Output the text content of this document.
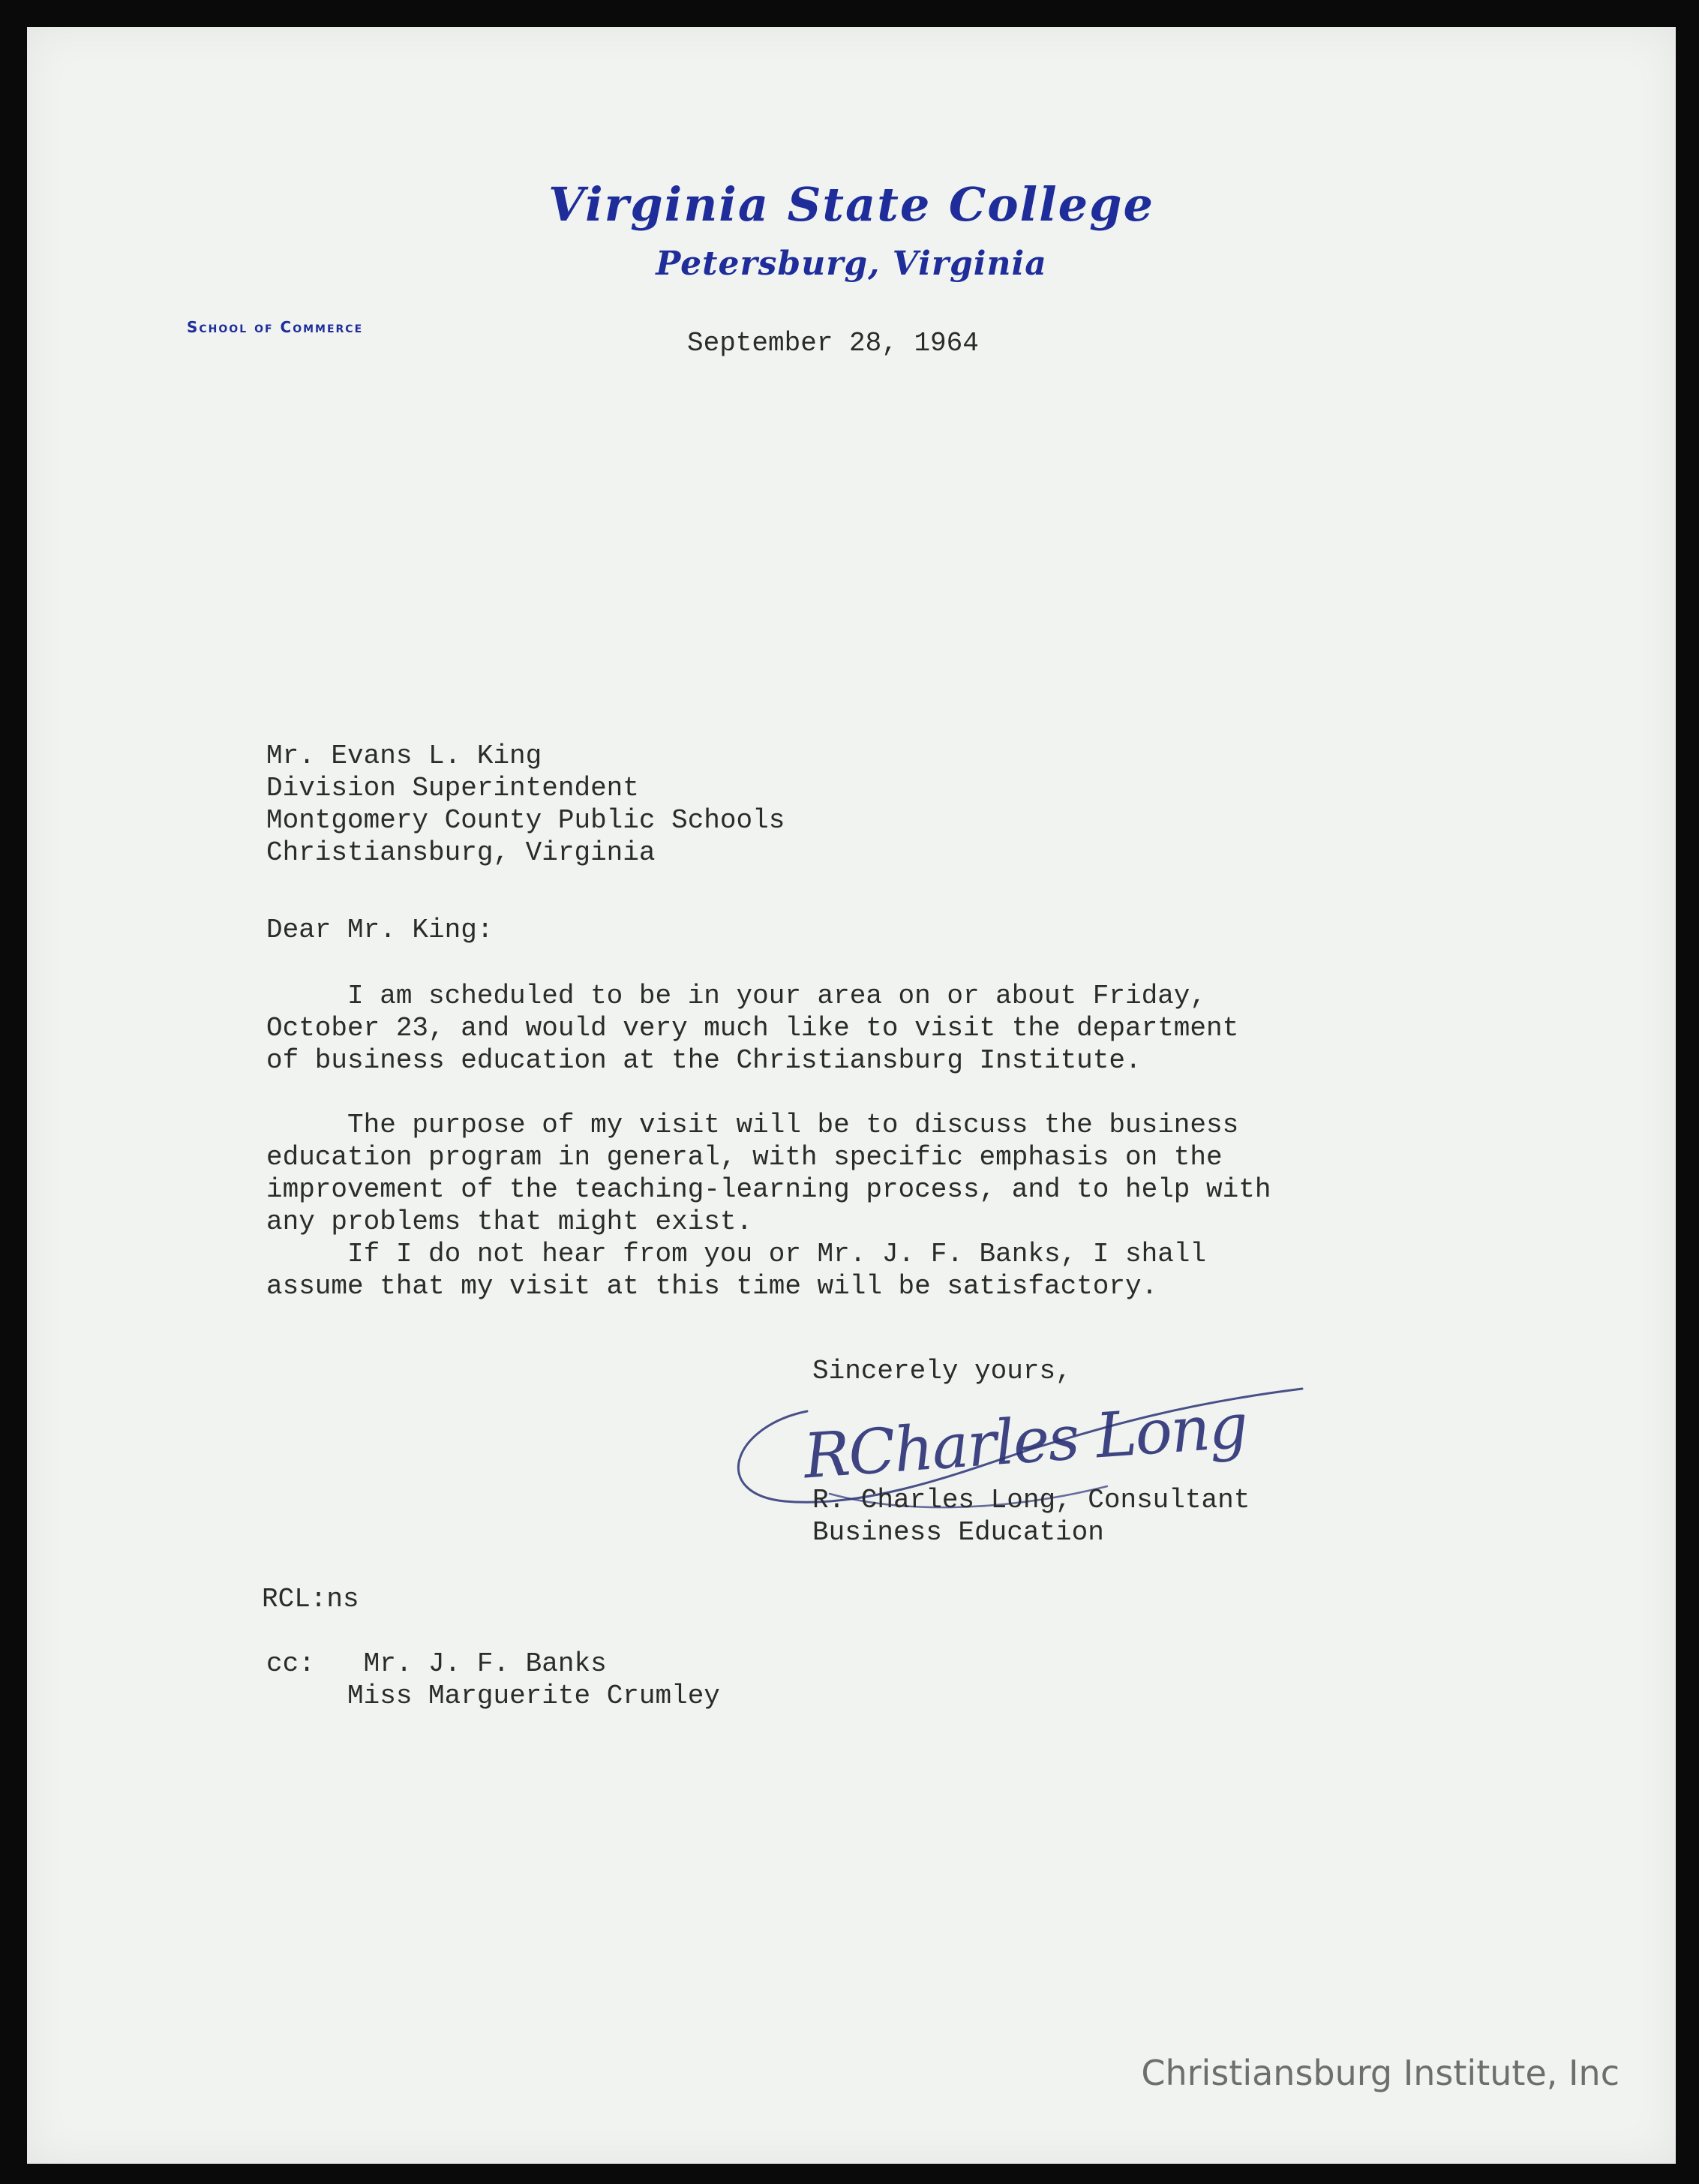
Virginia State College
Petersburg, Virginia
School of Commerce
September 28, 1964
Mr. Evans L. King
Division Superintendent
Montgomery County Public Schools
Christiansburg, Virginia
Dear Mr. King:
I am scheduled to be in your area on or about Friday,
October 23, and would very much like to visit the department
of business education at the Christiansburg Institute.
The purpose of my visit will be to discuss the business
education program in general, with specific emphasis on the
improvement of the teaching-learning process, and to help with
any problems that might exist.
If I do not hear from you or Mr. J. F. Banks, I shall
assume that my visit at this time will be satisfactory.
Sincerely yours,
RCharles Long
R. Charles Long, Consultant
Business Education
RCL:ns
cc: Mr. J. F. Banks
Miss Marguerite Crumley
Christiansburg Institute, Inc
